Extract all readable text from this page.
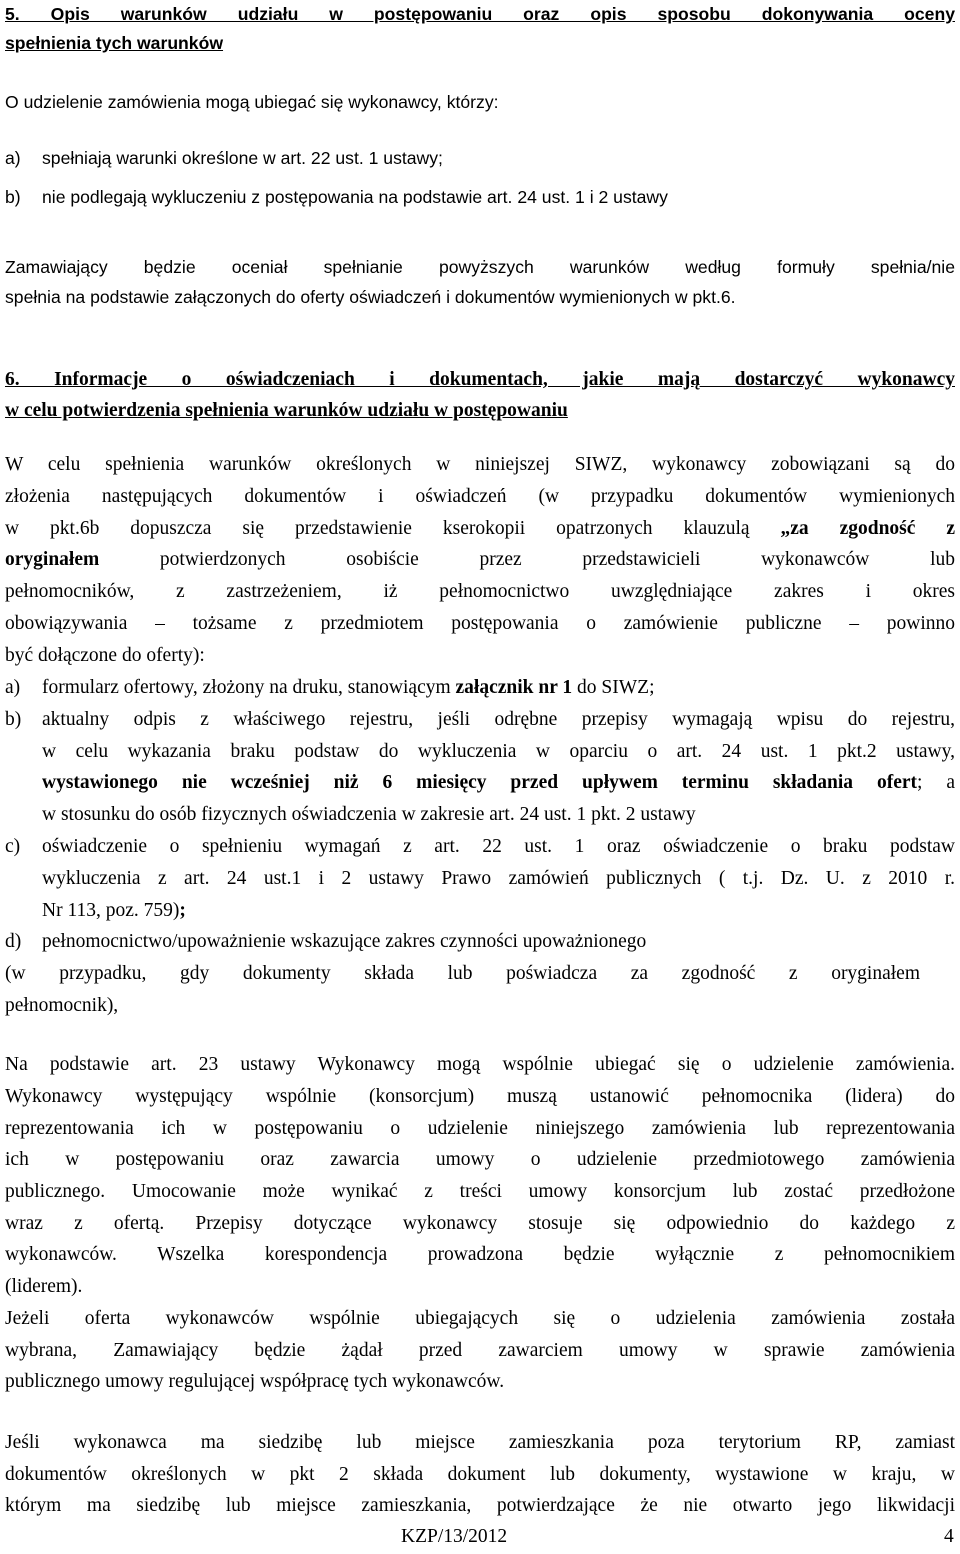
5. Opis warunków udziału w postępowaniu oraz opis sposobu dokonywania oceny
spełnienia tych warunków
O udzielenie zamówienia mogą ubiegać się wykonawcy, którzy:
a) spełniają warunki określone w art. 22 ust. 1 ustawy;
b) nie podlegają wykluczeniu z postępowania na podstawie art. 24 ust. 1 i 2 ustawy
Zamawiający będzie oceniał spełnianie powyższych warunków według formuły spełnia/nie
spełnia na podstawie załączonych do oferty oświadczeń i dokumentów wymienionych w pkt.6.
6. Informacje o oświadczeniach i dokumentach, jakie mają dostarczyć wykonawcy
w celu potwierdzenia spełnienia warunków udziału w postępowaniu
W celu spełnienia warunków określonych w niniejszej SIWZ, wykonawcy zobowiązani są do
złożenia następujących dokumentów i oświadczeń (w przypadku dokumentów wymienionych
w pkt.6b dopuszcza się przedstawienie kserokopii opatrzonych klauzulą „za zgodność z
oryginałem	potwierdzonych osobiście przez przedstawicieli wykonawców lub
pełnomocników, z zastrzeżeniem, iż pełnomocnictwo uwzględniające zakres i okres
obowiązywania – tożsame z przedmiotem postępowania o zamówienie publiczne – powinno
być dołączone do oferty):
a) formularz ofertowy, złożony na druku, stanowiącym załącznik nr 1 do SIWZ;
b) aktualny odpis z właściwego rejestru, jeśli odrębne przepisy wymagają wpisu do rejestru,
w celu wykazania braku podstaw do wykluczenia w oparciu o art. 24 ust. 1 pkt.2 ustawy,
wystawionego nie wcześniej niż 6 miesięcy przed upływem terminu składania ofert; a
w stosunku do osób fizycznych oświadczenia w zakresie art. 24 ust. 1 pkt. 2 ustawy
c) oświadczenie o spełnieniu wymagań z art. 22 ust. 1 oraz oświadczenie o braku podstaw
wykluczenia z art. 24 ust.1 i 2 ustawy Prawo zamówień publicznych ( t.j. Dz. U. z 2010 r.
Nr 113, poz. 759);
d) pełnomocnictwo/upoważnienie wskazujące zakres czynności upoważnionego
(w przypadku, gdy dokumenty składa lub poświadcza za zgodność z oryginałem
pełnomocnik),
Na podstawie art. 23 ustawy Wykonawcy mogą wspólnie ubiegać się o udzielenie zamówienia.
Wykonawcy występujący wspólnie (konsorcjum) muszą ustanowić pełnomocnika (lidera) do
reprezentowania ich w postępowaniu o udzielenie niniejszego zamówienia lub reprezentowania
ich w postępowaniu oraz zawarcia umowy o udzielenie przedmiotowego zamówienia
publicznego. Umocowanie może wynikać z treści umowy konsorcjum lub zostać przedłożone
wraz z ofertą. Przepisy dotyczące wykonawcy stosuje się odpowiednio do każdego z
wykonawców. Wszelka korespondencja prowadzona będzie wyłącznie z pełnomocnikiem
(liderem).
Jeżeli oferta wykonawców wspólnie ubiegających się o udzielenia zamówienia została
wybrana, Zamawiający będzie żądał przed zawarciem umowy w sprawie zamówienia
publicznego umowy regulującej współpracę tych wykonawców.
Jeśli wykonawca ma siedzibę lub miejsce zamieszkania poza terytorium RP, zamiast
dokumentów określonych w pkt 2 składa dokument lub dokumenty, wystawione w kraju, w
którym ma siedzibę lub miejsce zamieszkania, potwierdzające że nie otwarto jego likwidacji
KZP/13/2012	4
